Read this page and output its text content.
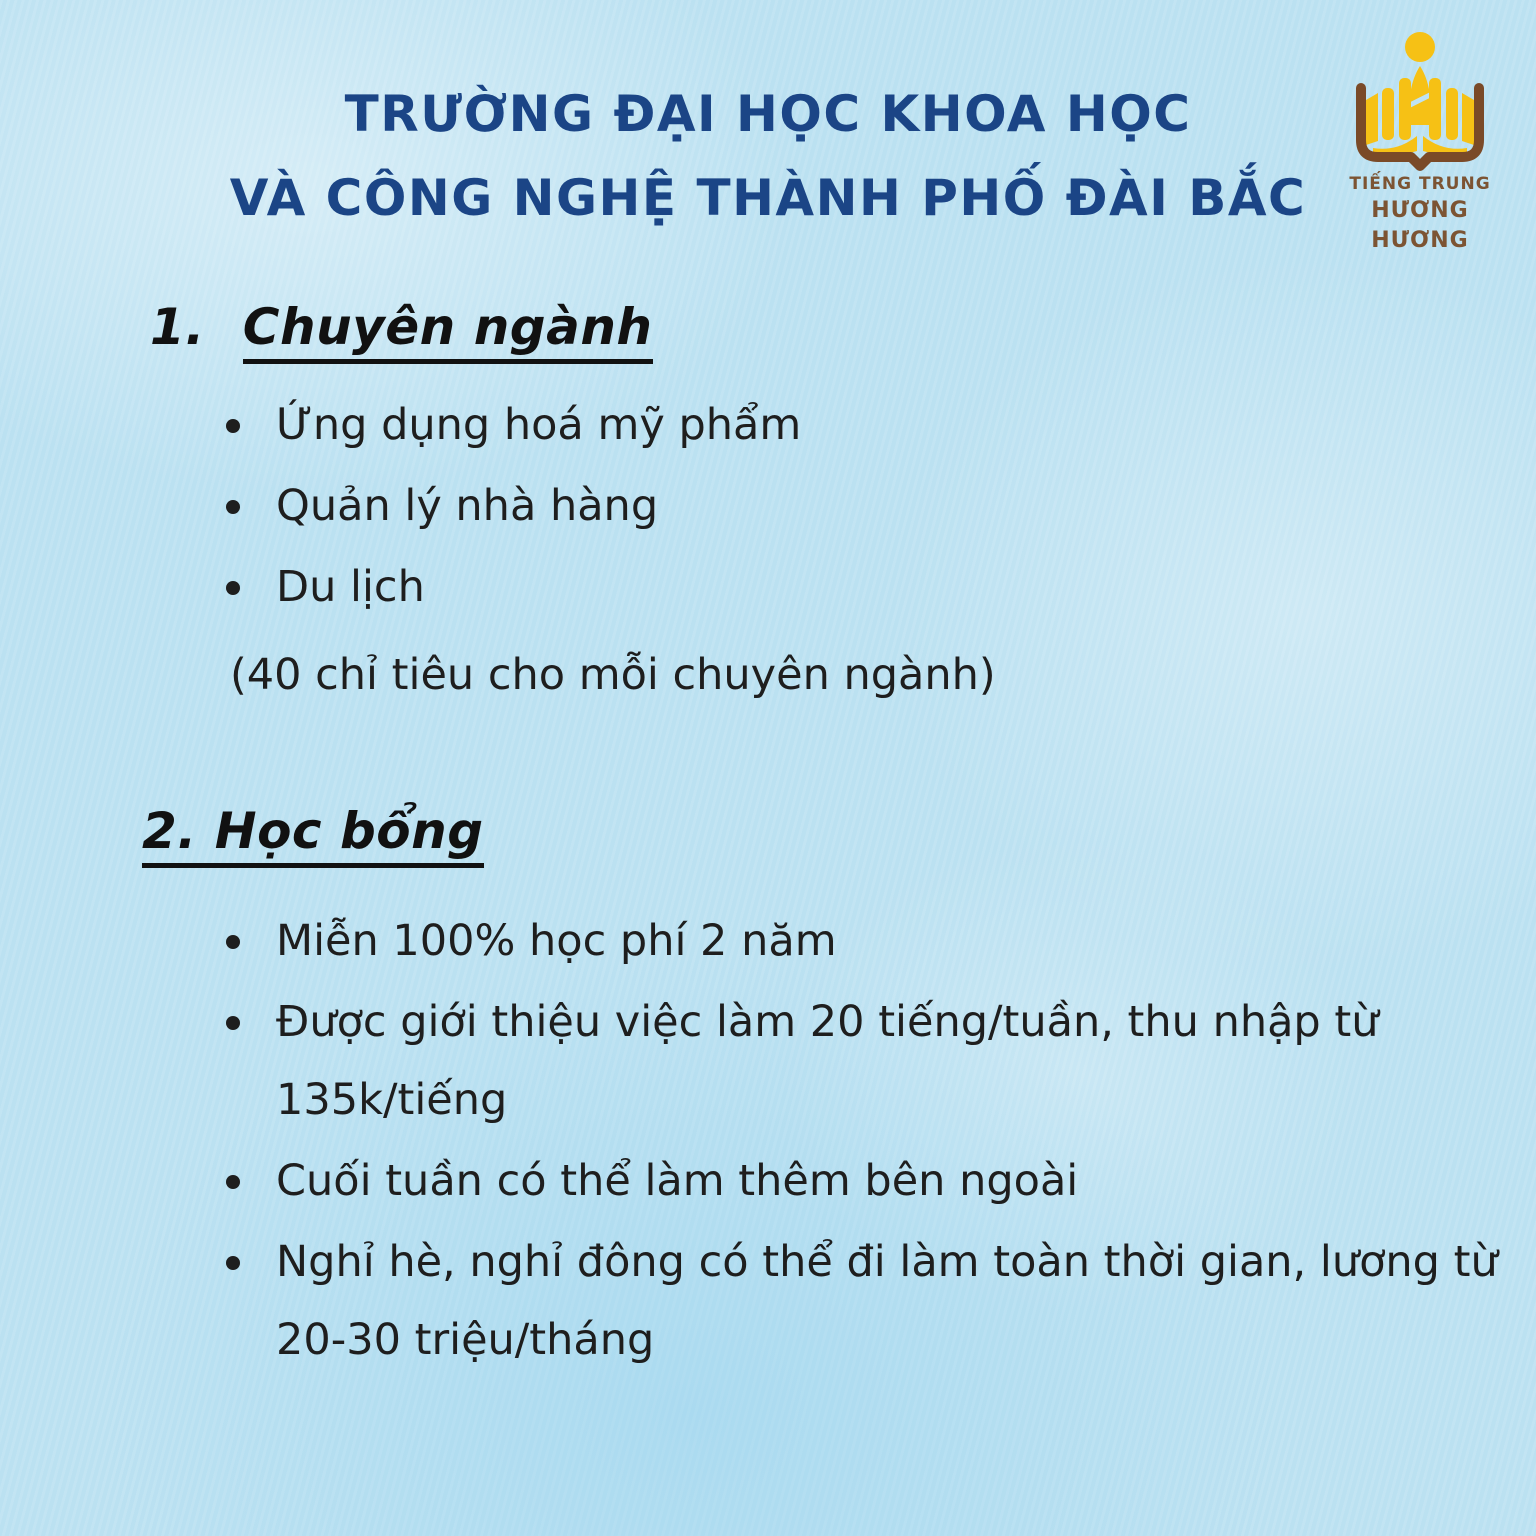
TIẾNG TRUNG
HƯƠNG HƯƠNG
TRƯỜNG ĐẠI HỌC KHOA HỌC
VÀ CÔNG NGHỆ THÀNH PHỐ ĐÀI BẮC
1. Chuyên ngành
Ứng dụng hoá mỹ phẩm
Quản lý nhà hàng
Du lịch
(40 chỉ tiêu cho mỗi chuyên ngành)
2. Học bổng
Miễn 100% học phí 2 năm
Được giới thiệu việc làm 20 tiếng/tuần, thu nhập từ 135k/tiếng
Cuối tuần có thể làm thêm bên ngoài
Nghỉ hè, nghỉ đông có thể đi làm toàn thời gian, lương từ 20-30 triệu/tháng
